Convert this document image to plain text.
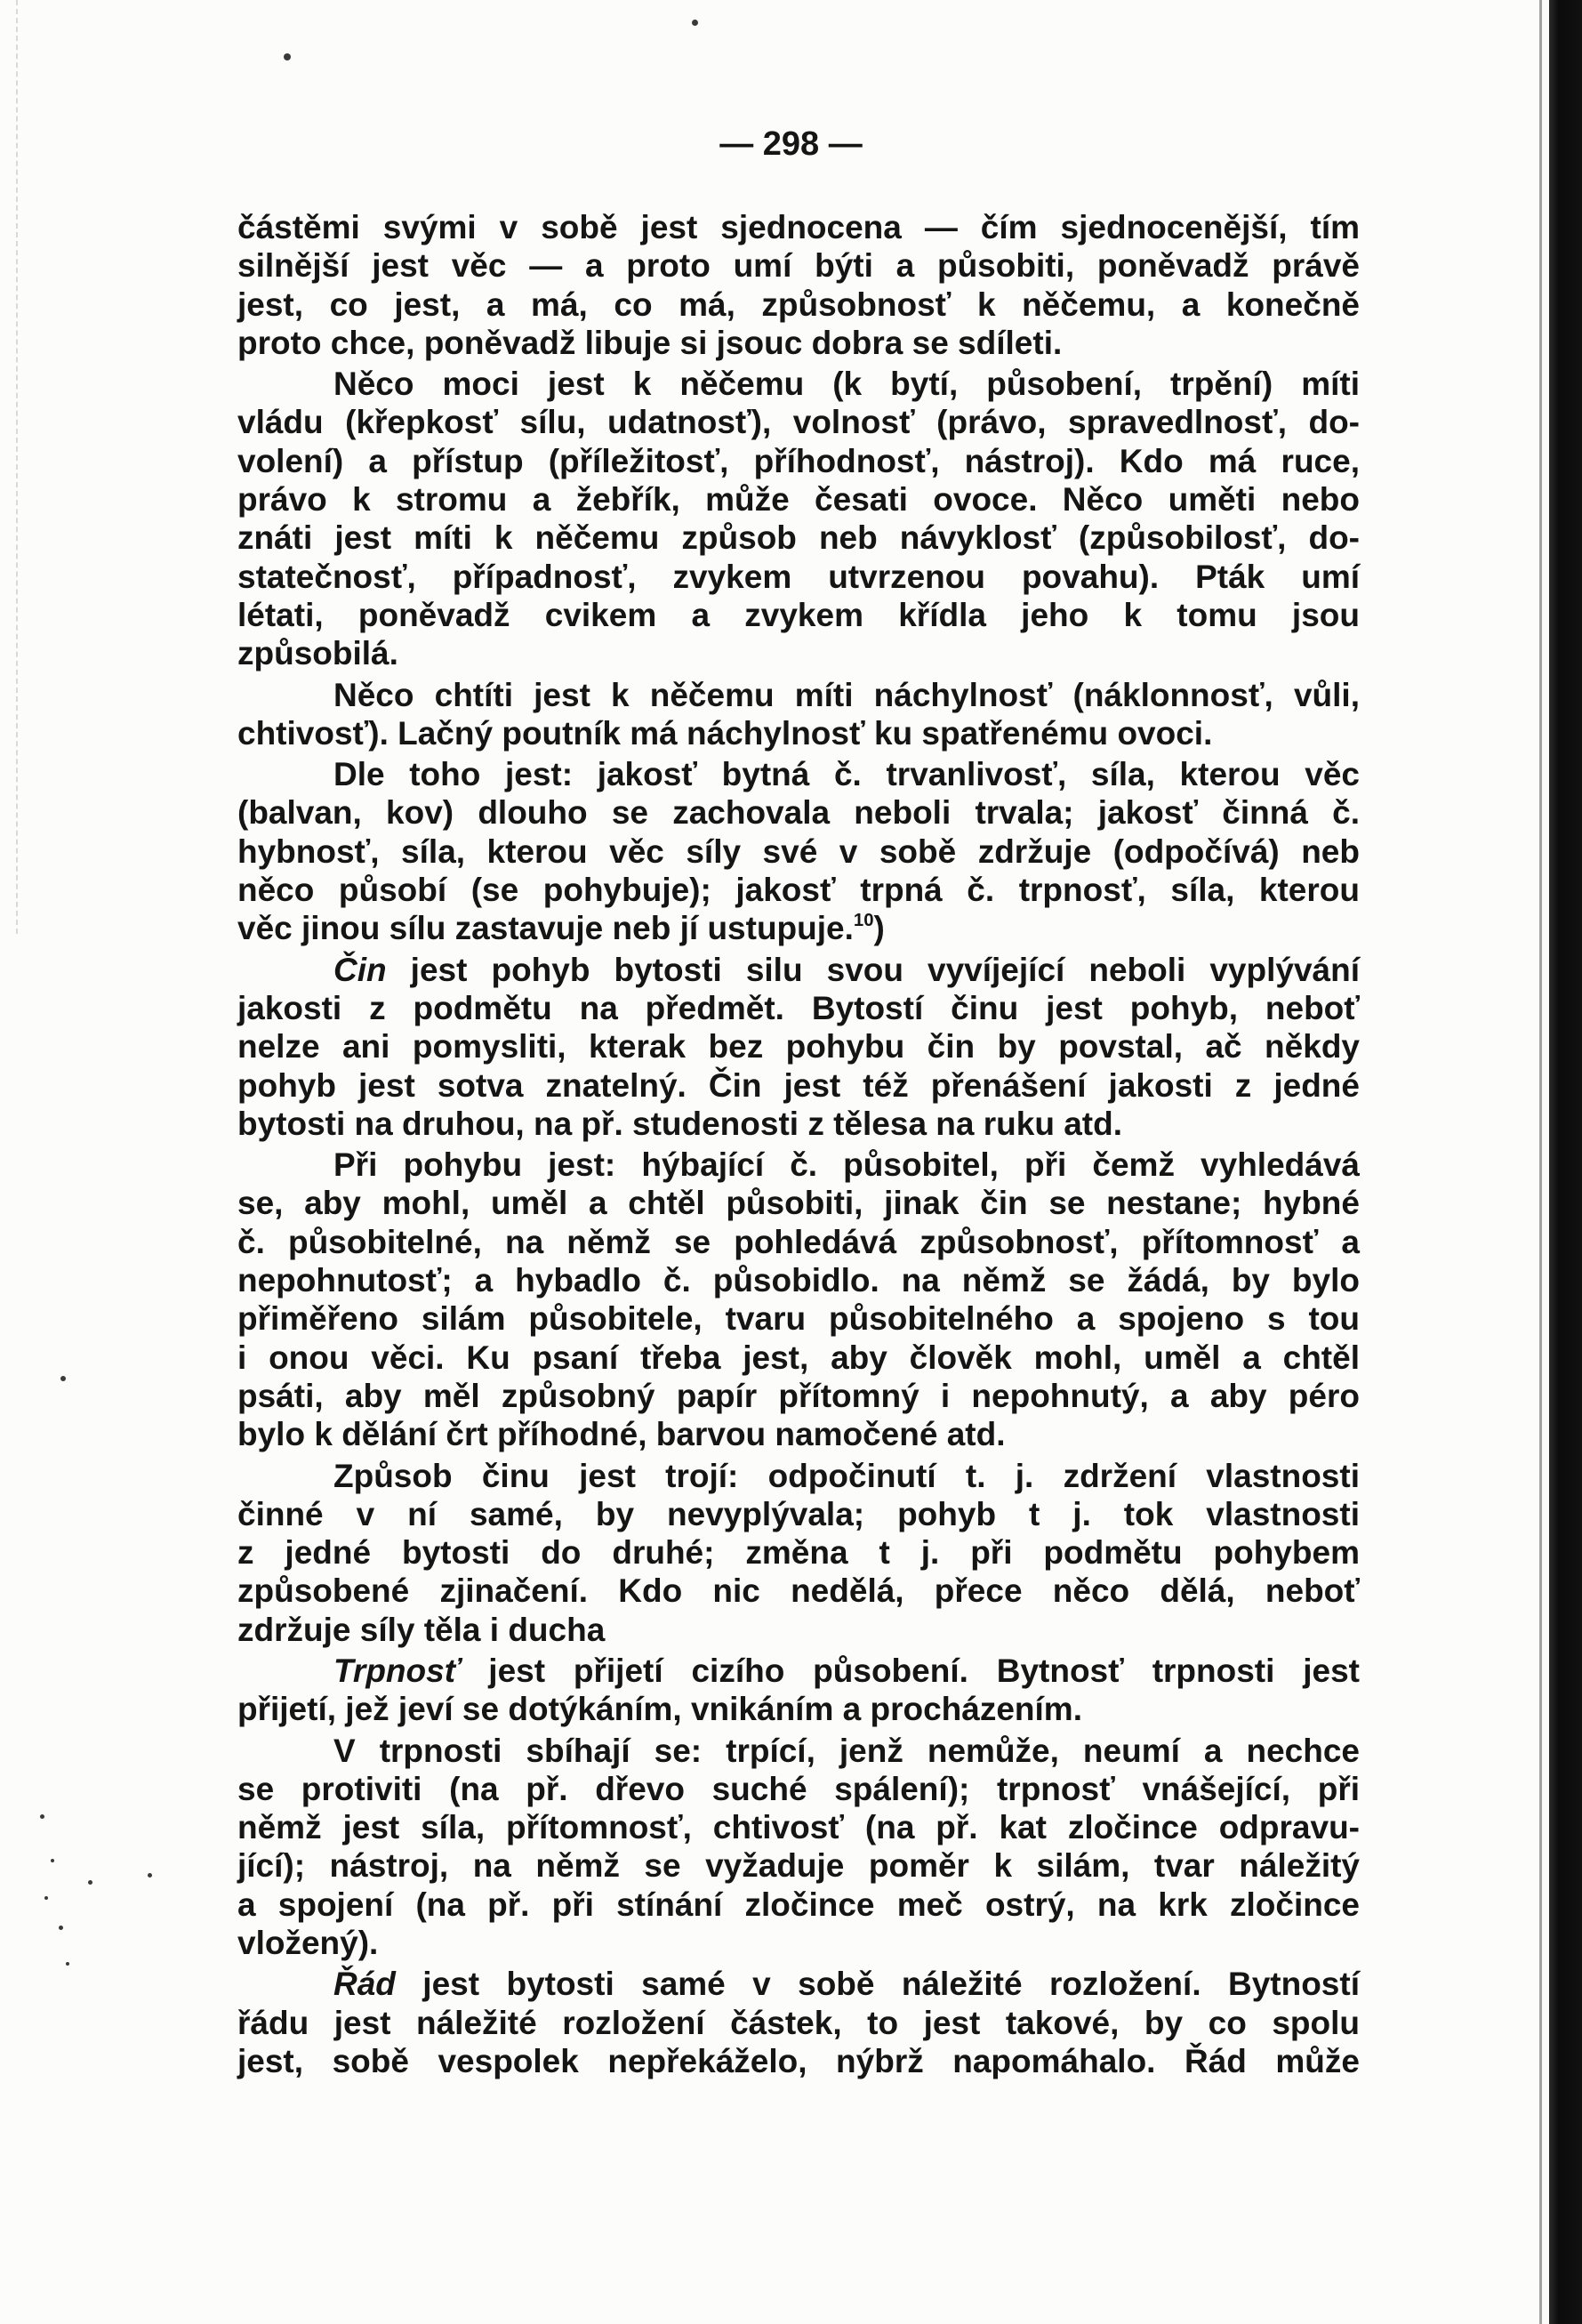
— 298 —
částěmi svými v sobě jest sjednocena — čím sjednocenější, tím
silnější jest věc — a proto umí býti a působiti, poněvadž právě
jest, co jest, a má, co má, způsobnosť k něčemu, a konečně
proto chce, poněvadž libuje si jsouc dobra se sdíleti.
Něco moci jest k něčemu (k bytí, působení, trpění) míti
vládu (křepkosť sílu, udatnosť), volnosť (právo, spravedlnosť, do-
volení) a přístup (příležitosť, příhodnosť, nástroj). Kdo má ruce,
právo k stromu a žebřík, může česati ovoce. Něco uměti nebo
znáti jest míti k něčemu způsob neb návyklosť (způsobilosť, do-
statečnosť, případnosť, zvykem utvrzenou povahu). Pták umí
létati, poněvadž cvikem a zvykem křídla jeho k tomu jsou
způsobilá.
Něco chtíti jest k něčemu míti náchylnosť (náklonnosť, vůli,
chtivosť). Lačný poutník má náchylnosť ku spatřenému ovoci.
Dle toho jest: jakosť bytná č. trvanlivosť, síla, kterou věc
(balvan, kov) dlouho se zachovala neboli trvala; jakosť činná č.
hybnosť, síla, kterou věc síly své v sobě zdržuje (odpočívá) neb
něco působí (se pohybuje); jakosť trpná č. trpnosť, síla, kterou
věc jinou sílu zastavuje neb jí ustupuje.$^{10}$)
Čin jest pohyb bytosti silu svou vyvíjející neboli vyplývání
jakosti z podmětu na předmět. Bytostí činu jest pohyb, neboť
nelze ani pomysliti, kterak bez pohybu čin by povstal, ač někdy
pohyb jest sotva znatelný. Čin jest též přenášení jakosti z jedné
bytosti na druhou, na př. studenosti z tělesa na ruku atd.
Při pohybu jest: hýbající č. působitel, při čemž vyhledává
se, aby mohl, uměl a chtěl působiti, jinak čin se nestane; hybné
č. působitelné, na němž se pohledává způsobnosť, přítomnosť a
nepohnutosť; a hybadlo č. působidlo. na němž se žádá, by bylo
přiměřeno silám působitele, tvaru působitelného a spojeno s tou
i onou věci. Ku psaní třeba jest, aby člověk mohl, uměl a chtěl
psáti, aby měl způsobný papír přítomný i nepohnutý, a aby péro
bylo k dělání črt příhodné, barvou namočené atd.
Způsob činu jest trojí: odpočinutí t. j. zdržení vlastnosti
činné v ní samé, by nevyplývala; pohyb t j. tok vlastnosti
z jedné bytosti do druhé; změna t j. při podmětu pohybem
způsobené zjinačení. Kdo nic nedělá, přece něco dělá, neboť
zdržuje síly těla i ducha
Trpnosť jest přijetí cizího působení. Bytnosť trpnosti jest
přijetí, jež jeví se dotýkáním, vnikáním a procházením.
V trpnosti sbíhají se: trpící, jenž nemůže, neumí a nechce
se protiviti (na př. dřevo suché spálení); trpnosť vnášející, při
němž jest síla, přítomnosť, chtivosť (na př. kat zločince odpravu-
jící); nástroj, na němž se vyžaduje poměr k silám, tvar náležitý
a spojení (na př. při stínání zločince meč ostrý, na krk zločince
vložený).
Řád jest bytosti samé v sobě náležité rozložení. Bytností
řádu jest náležité rozložení částek, to jest takové, by co spolu
jest, sobě vespolek nepřekáželo, nýbrž napomáhalo. Řád může
